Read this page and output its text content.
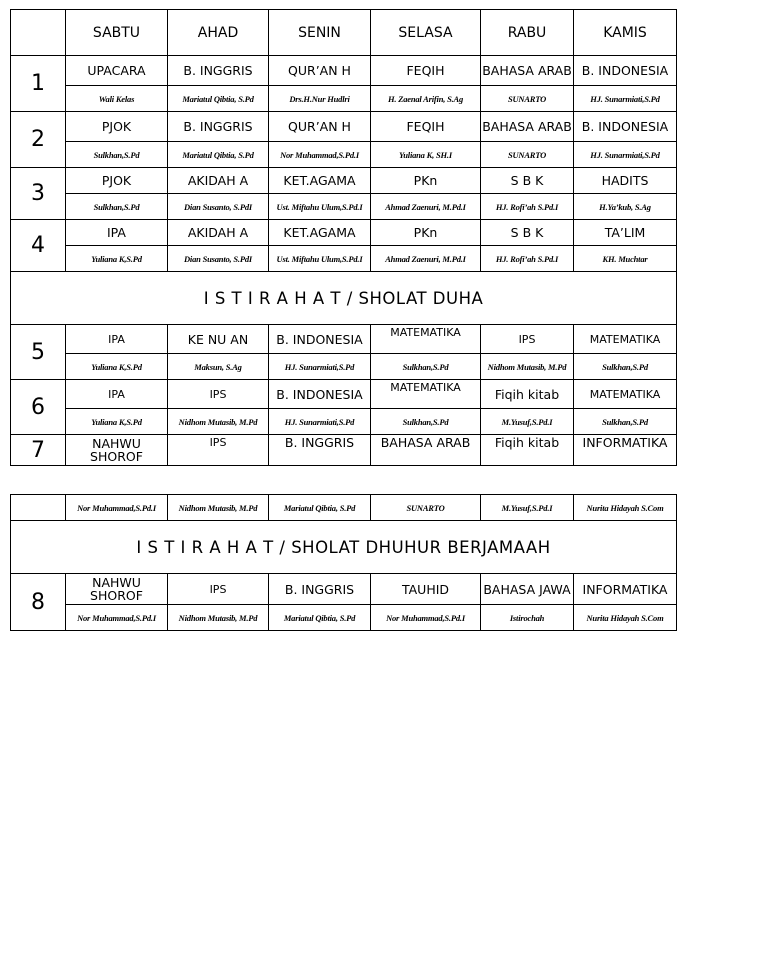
	SABTU	AHAD	SENIN	SELASA	RABU	KAMIS
1	UPACARA	B. INGGRIS	QUR’AN H	FEQIH	BAHASA ARAB	B. INDONESIA
	Wali Kelas	Mariatul Qibtia, S.Pd	Drs.H.Nur Hudlri	H. Zaenal Arifin, S.Ag	SUNARTO	HJ. Sunarmiati,S.Pd
2	PJOK	B. INGGRIS	QUR’AN H	FEQIH	BAHASA ARAB	B. INDONESIA
	Sulkhan,S.Pd	Mariatul Qibtia, S.Pd	Nor Muhammad,S.Pd.I	Yuliana K, SH.I	SUNARTO	HJ. Sunarmiati,S.Pd
3	PJOK	AKIDAH A	KET.AGAMA	PKn	S B K	HADITS
	Sulkhan,S.Pd	Dian Susanto, S.PdI	Ust. Miftahu Ulum,S.Pd.I	Ahmad Zaenuri, M.Pd.I	HJ. Rofi’ah S.Pd.I	H.Ya’kub, S.Ag
4	IPA	AKIDAH A	KET.AGAMA	PKn	S B K	TA’LIM
	Yuliana K,S.Pd	Dian Susanto, S.PdI	Ust. Miftahu Ulum,S.Pd.I	Ahmad Zaenuri, M.Pd.I	HJ. Rofi’ah S.Pd.I	KH. Muchtar
I S T I R A H A T / SHOLAT DUHA						
5	IPA	KE NU AN	B. INDONESIA	MATEMATIKA	IPS	MATEMATIKA
	Yuliana K,S.Pd	Maksun, S.Ag	HJ. Sunarmiati,S.Pd	Sulkhan,S.Pd	Nidhom Mutasib, M.Pd	Sulkhan,S.Pd
6	IPA	IPS	B. INDONESIA	MATEMATIKA	Fiqih kitab	MATEMATIKA
	Yuliana K,S.Pd	Nidhom Mutasib, M.Pd	HJ. Sunarmiati,S.Pd	Sulkhan,S.Pd	M.Yusuf,S.Pd.I	Sulkhan,S.Pd
7	NAHWU SHOROF	IPS	B. INGGRIS	BAHASA ARAB	Fiqih kitab	INFORMATIKA
	Nor Muhammad,S.Pd.I	Nidhom Mutasib, M.Pd	Mariatul Qibtia, S.Pd	SUNARTO	M.Yusuf,S.Pd.I	Nurita Hidayah S.Com
I S T I R A H A T / SHOLAT DHUHUR BERJAMAAH						
8	NAHWU SHOROF	IPS	B. INGGRIS	TAUHID	BAHASA JAWA	INFORMATIKA
	Nor Muhammad,S.Pd.I	Nidhom Mutasib, M.Pd	Mariatul Qibtia, S.Pd	Nor Muhammad,S.Pd.I	Istirochah	Nurita Hidayah S.Com
